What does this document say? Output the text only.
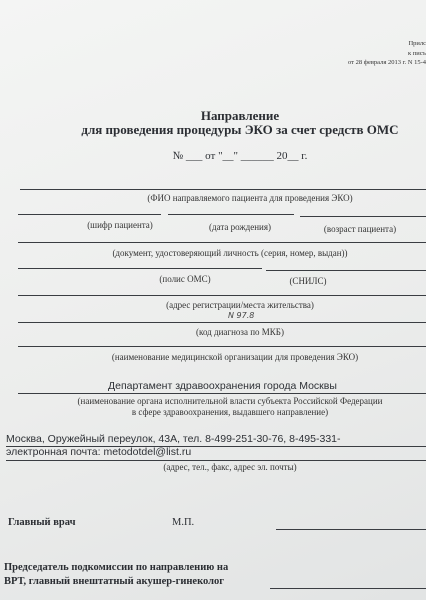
Прилс
к писъ
от 28 февраля 2013 г. N 15-4
Направление
для проведения процедуры ЭКО за счет средств ОМС
№ ___ от "__" ______ 20__ г.
(ФИО направляемого пациента для проведения ЭКО)
(шифр пациента)	(дата рождения)	(возраст пациента)
(документ, удостоверяющий личность (серия, номер, выдан))
(полис ОМС)	(СНИЛС)
(адрес регистрации/места жительства)
N 97.8
(код диагноза по МКБ)
(наименование медицинской организации для проведения ЭКО)
Департамент здравоохранения города Москвы
(наименование органа исполнительной власти субъекта Российской Федерации
в сфере здравоохранения, выдавшего направление)
Москва, Оружейный переулок, 43А, тел. 8-499-251-30-76, 8-495-331-
электронная почта: metodotdel@list.ru
(адрес, тел., факс, адрес эл. почты)
Главный врач	М.П.
Председатель подкомиссии по направлению на
ВРТ, главный внештатный акушер-гинеколог
